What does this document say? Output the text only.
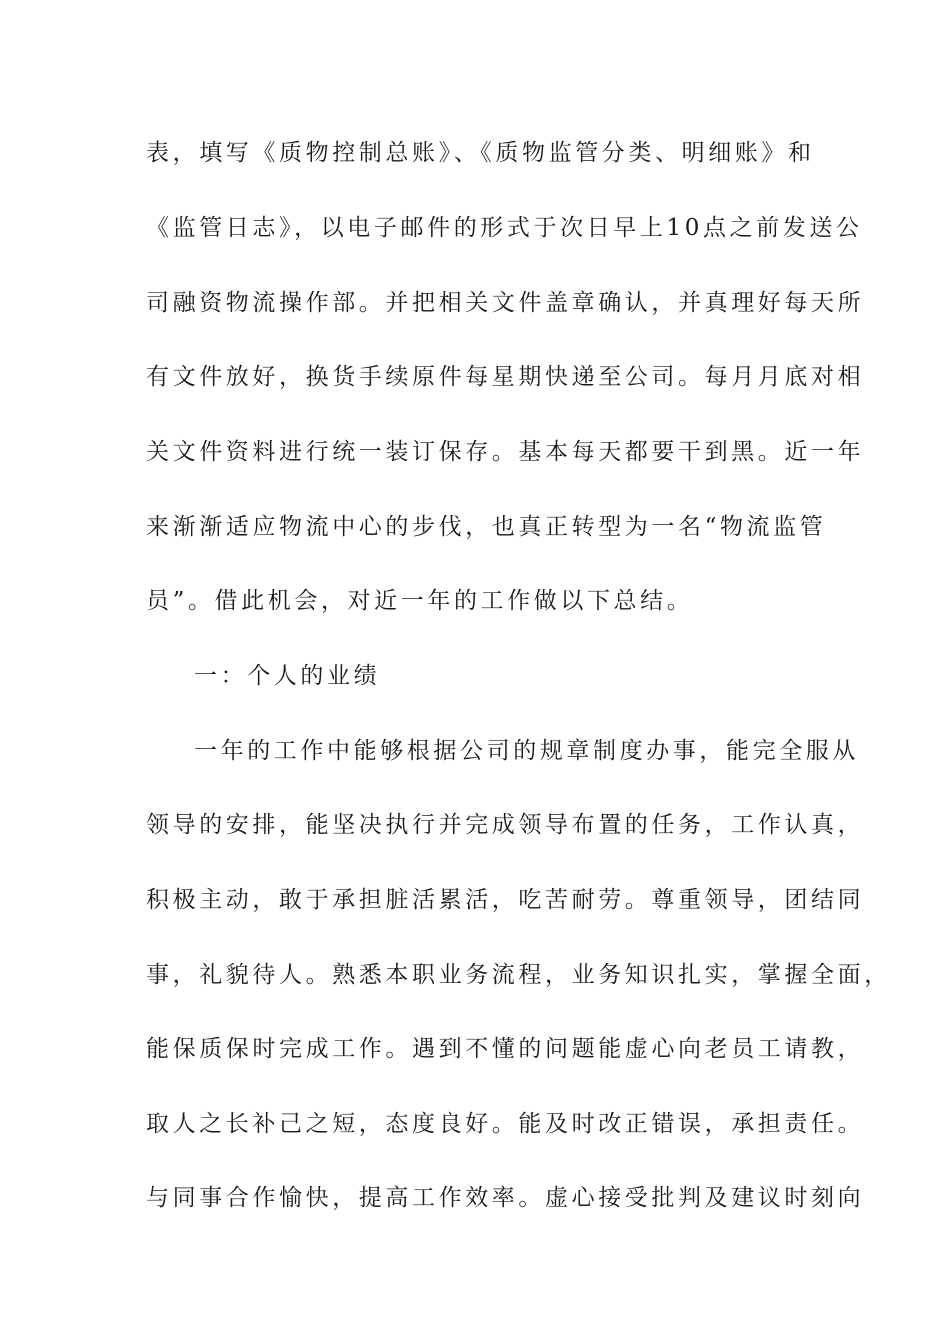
表，填写《质物控制总账》、《质物监管分类、明细账》和
《监管日志》，以电子邮件的形式于次日早上10点之前发送公
司融资物流操作部。并把相关文件盖章确认，并真理好每天所
有文件放好，换货手续原件每星期快递至公司。每月月底对相
关文件资料进行统一装订保存。基本每天都要干到黑。近一年
来渐渐适应物流中心的步伐，也真正转型为一名“物流监管
员”。借此机会，对近一年的工作做以下总结。
一：个人的业绩
一年的工作中能够根据公司的规章制度办事，能完全服从
领导的安排，能坚决执行并完成领导布置的任务，工作认真，
积极主动，敢于承担脏活累活，吃苦耐劳。尊重领导，团结同
事，礼貌待人。熟悉本职业务流程，业务知识扎实，掌握全面，
能保质保时完成工作。遇到不懂的问题能虚心向老员工请教，
取人之长补己之短，态度良好。能及时改正错误，承担责任。
与同事合作愉快，提高工作效率。虚心接受批判及建议时刻向
